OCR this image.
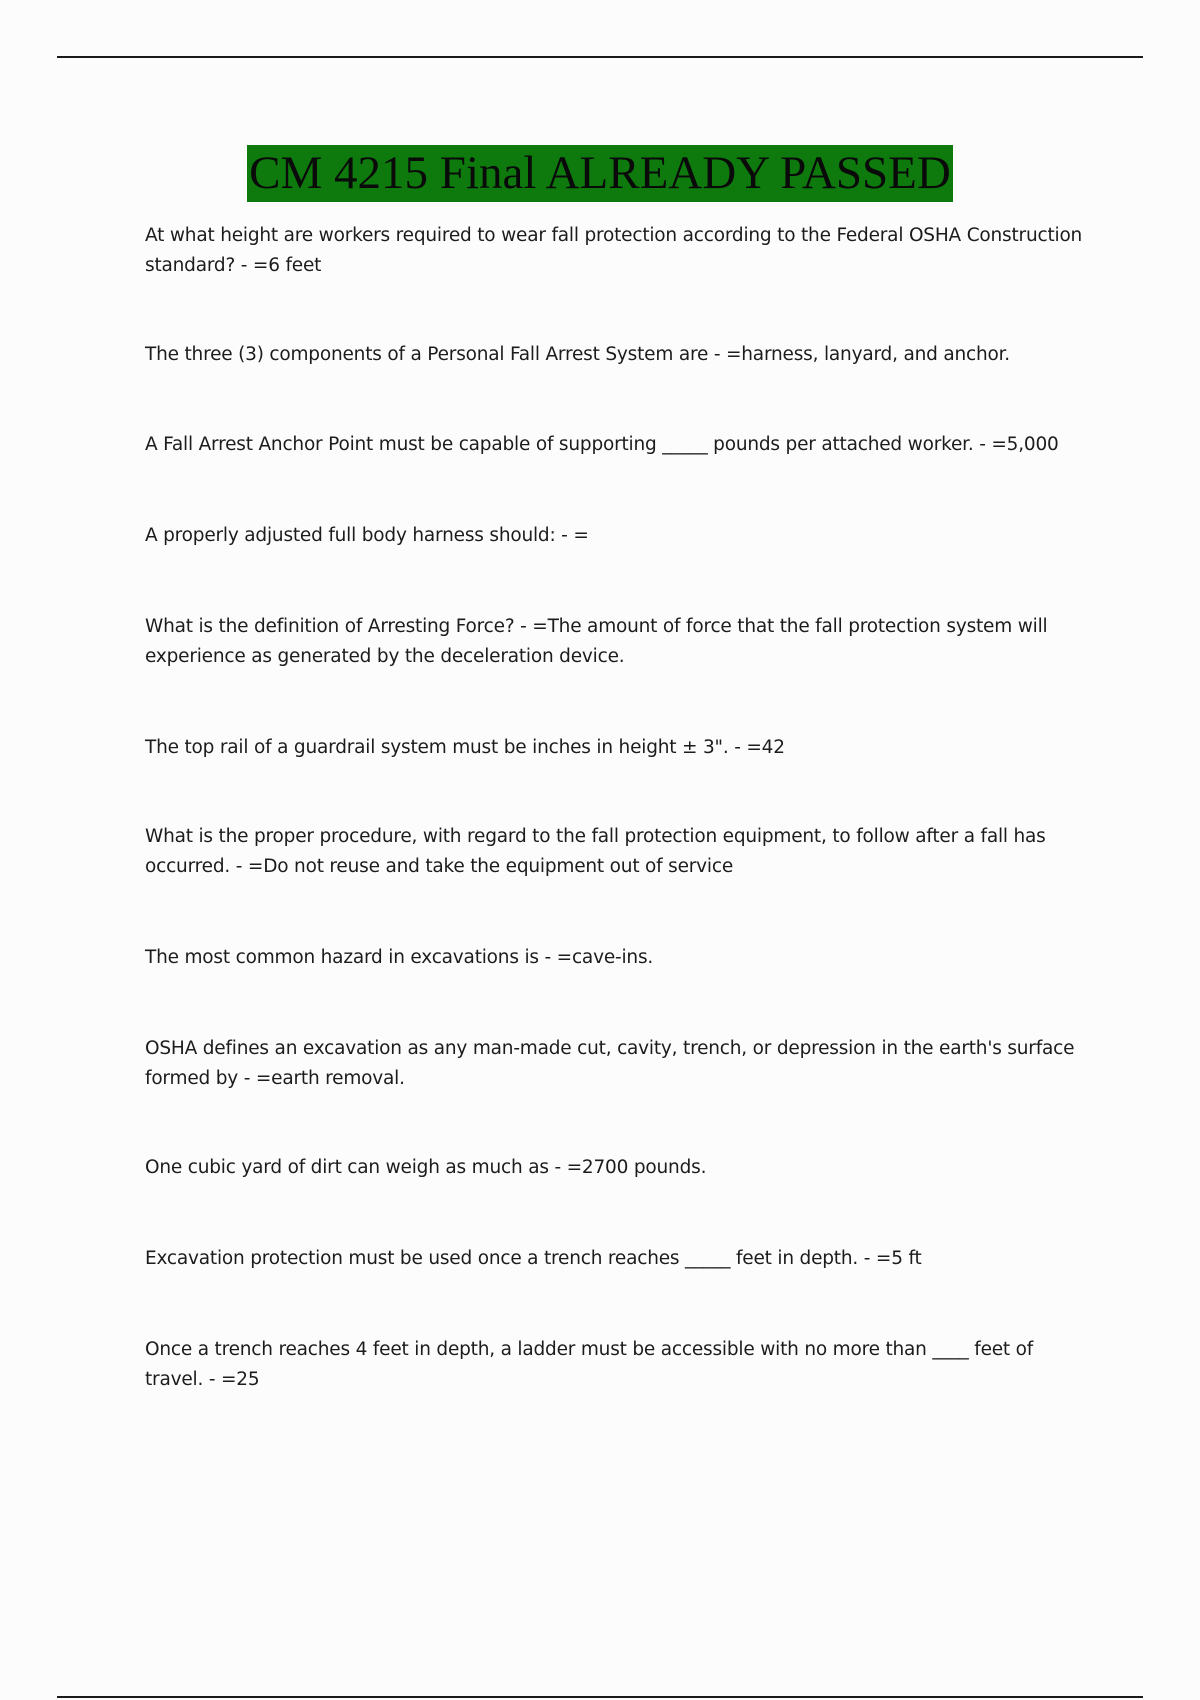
CM 4215 Final ALREADY PASSED

At what height are workers required to wear fall protection according to the Federal OSHA Construction standard? - =6 feet

The three (3) components of a Personal Fall Arrest System are - =harness, lanyard, and anchor.

A Fall Arrest Anchor Point must be capable of supporting _____ pounds per attached worker. - =5,000

A properly adjusted full body harness should: - =

What is the definition of Arresting Force? - =The amount of force that the fall protection system will experience as generated by the deceleration device.

The top rail of a guardrail system must be inches in height ± 3". - =42

What is the proper procedure, with regard to the fall protection equipment, to follow after a fall has occurred. - =Do not reuse and take the equipment out of service

The most common hazard in excavations is - =cave-ins.

OSHA defines an excavation as any man-made cut, cavity, trench, or depression in the earth's surface formed by - =earth removal.

One cubic yard of dirt can weigh as much as - =2700 pounds.

Excavation protection must be used once a trench reaches _____ feet in depth. - =5 ft

Once a trench reaches 4 feet in depth, a ladder must be accessible with no more than ____ feet of travel. - =25
